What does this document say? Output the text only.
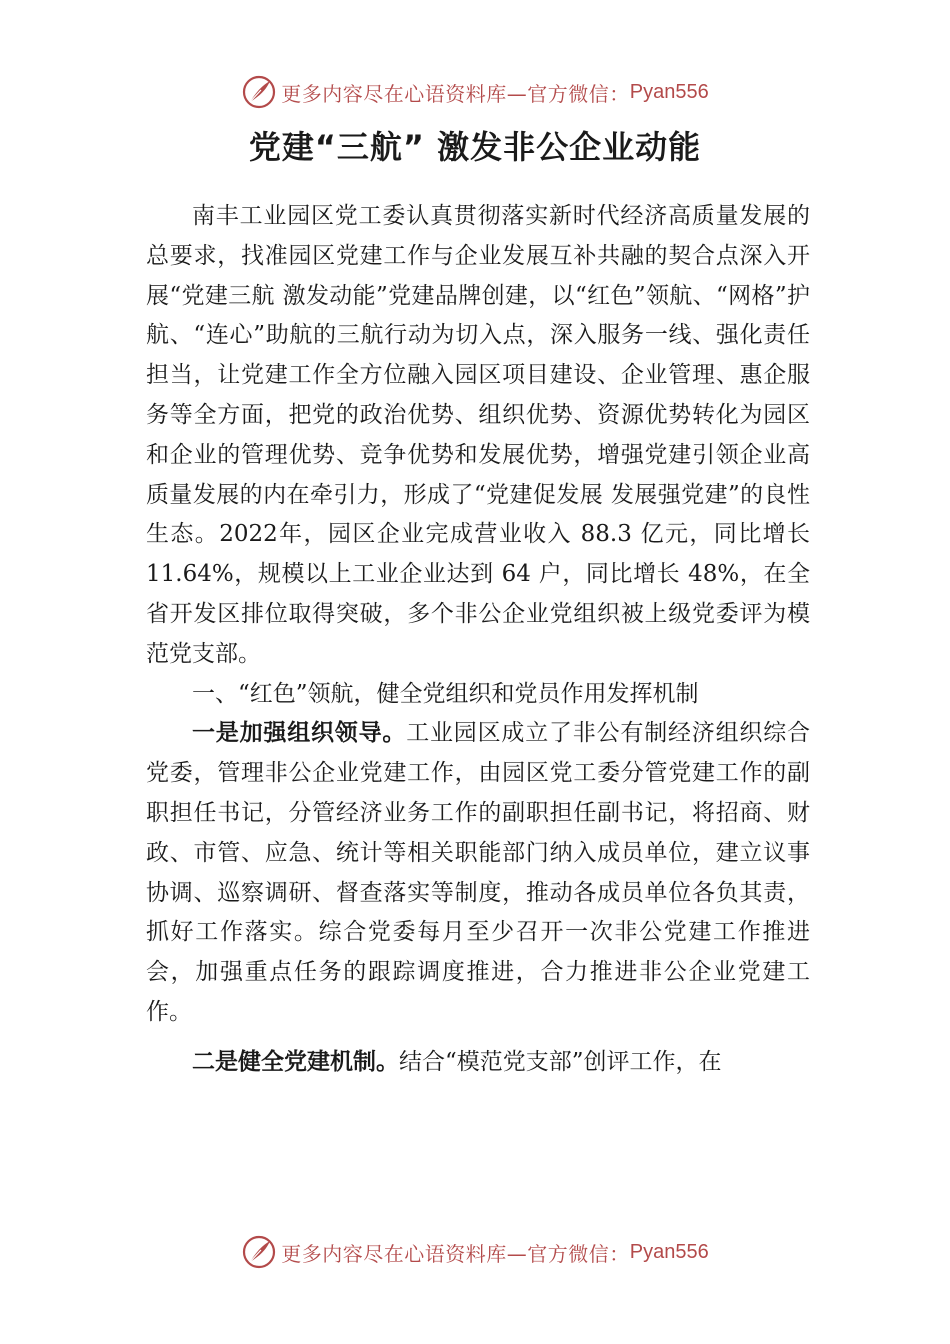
更多内容尽在心语资料库—官方微信： Pyan556
党建“三航” 激发非公企业动能

南丰工业园区党工委认真贯彻落实新时代经济高质量发展的总要求，找准园区党建工作与企业发展互补共融的契合点深入开展“党建三航 激发动能”党建品牌创建，以“红色”领航、“网格”护航、“连心”助航的三航行动为切入点，深入服务一线、强化责任担当，让党建工作全方位融入园区项目建设、企业管理、惠企服务等全方面，把党的政治优势、组织优势、资源优势转化为园区和企业的管理优势、竞争优势和发展优势，增强党建引领企业高质量发展的内在牵引力，形成了“党建促发展 发展强党建”的良性生态。2022年，园区企业完成营业收入 88.3 亿元，同比增长 11.64%，规模以上工业企业达到 64 户，同比增长 48%，在全省开发区排位取得突破，多个非公企业党组织被上级党委评为模范党支部。

一、“红色”领航，健全党组织和党员作用发挥机制

一是加强组织领导。工业园区成立了非公有制经济组织综合党委，管理非公企业党建工作，由园区党工委分管党建工作的副职担任书记，分管经济业务工作的副职担任副书记，将招商、财政、市管、应急、统计等相关职能部门纳入成员单位，建立议事协调、巡察调研、督查落实等制度，推动各成员单位各负其责，抓好工作落实。综合党委每月至少召开一次非公党建工作推进会，加强重点任务的跟踪调度推进，合力推进非公企业党建工作。

二是健全党建机制。结合“模范党支部”创评工作，在

更多内容尽在心语资料库—官方微信： Pyan556
